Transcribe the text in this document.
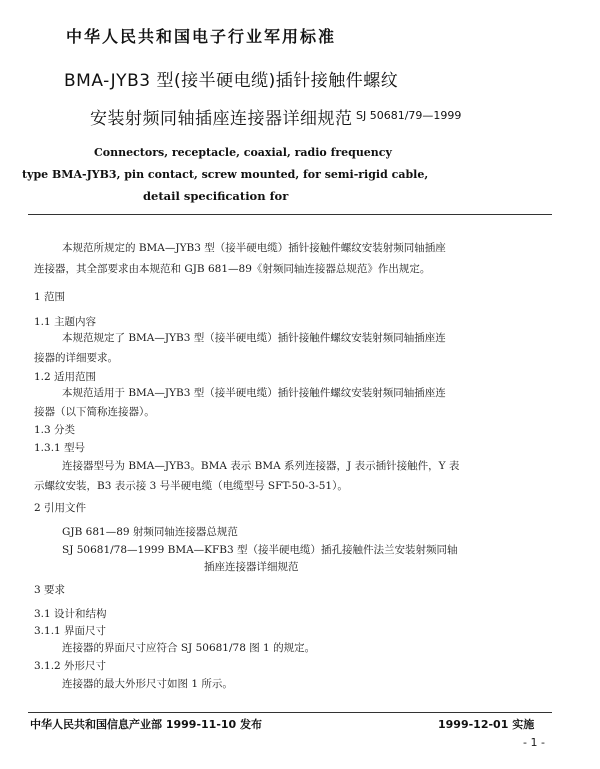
中华人民共和国电子行业军用标准
BMA-JYB3 型(接半硬电缆)插针接触件螺纹
安装射频同轴插座连接器详细规范 SJ 50681/79—1999
Connectors, receptacle, coaxial, radio frequency
type BMA-JYB3, pin contact, screw mounted, for semi-rigid cable,
detail specification for
本规范所规定的 BMA—JYB3 型（接半硬电缆）插针接触件螺纹安装射频同轴插座
连接器，其全部要求由本规范和 GJB 681—89《射频同轴连接器总规范》作出规定。
1 范围
1.1 主题内容
本规范规定了 BMA—JYB3 型（接半硬电缆）插针接触件螺纹安装射频同轴插座连
接器的详细要求。
1.2 适用范围
本规范适用于 BMA—JYB3 型（接半硬电缆）插针接触件螺纹安装射频同轴插座连
接器（以下简称连接器）。
1.3 分类
1.3.1 型号
连接器型号为 BMA—JYB3。BMA 表示 BMA 系列连接器，J 表示插针接触件，Y 表
示螺纹安装，B3 表示接 3 号半硬电缆（电缆型号 SFT-50-3-51）。
2 引用文件
GJB 681—89 射频同轴连接器总规范
SJ 50681/78—1999 BMA—KFB3 型（接半硬电缆）插孔接触件法兰安装射频同轴
插座连接器详细规范
3 要求
3.1 设计和结构
3.1.1 界面尺寸
连接器的界面尺寸应符合 SJ 50681/78 图 1 的规定。
3.1.2 外形尺寸
连接器的最大外形尺寸如图 1 所示。
中华人民共和国信息产业部 1999-11-10 发布	1999-12-01 实施
- 1 -
